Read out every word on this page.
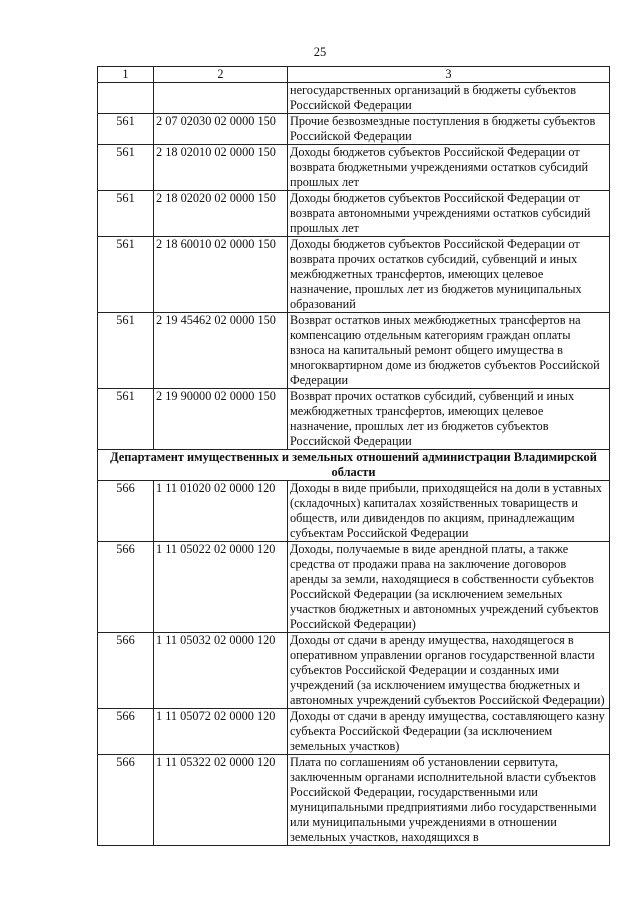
25
1	2	3
		негосударственных организаций в бюджеты субъектов Российской Федерации
561	2 07 02030 02 0000 150	Прочие безвозмездные поступления в бюджеты субъектов Российской Федерации
561	2 18 02010 02 0000 150	Доходы бюджетов субъектов Российской Федерации от возврата бюджетными учреждениями остатков субсидий прошлых лет
561	2 18 02020 02 0000 150	Доходы бюджетов субъектов Российской Федерации от возврата автономными учреждениями остатков субсидий прошлых лет
561	2 18 60010 02 0000 150	Доходы бюджетов субъектов Российской Федерации от возврата прочих остатков субсидий, субвенций и иных межбюджетных трансфертов, имеющих целевое назначение, прошлых лет из бюджетов муниципальных образований
561	2 19 45462 02 0000 150	Возврат остатков иных межбюджетных трансфертов на компенсацию отдельным категориям граждан оплаты взноса на капитальный ремонт общего имущества в многоквартирном доме из бюджетов субъектов Российской Федерации
561	2 19 90000 02 0000 150	Возврат прочих остатков субсидий, субвенций и иных межбюджетных трансфертов, имеющих целевое назначение, прошлых лет из бюджетов субъектов Российской Федерации
Департамент имущественных и земельных отношений администрации Владимирской области		
566	1 11 01020 02 0000 120	Доходы в виде прибыли, приходящейся на доли в уставных (складочных) капиталах хозяйственных товариществ и обществ, или дивидендов по акциям, принадлежащим субъектам Российской Федерации
566	1 11 05022 02 0000 120	Доходы, получаемые в виде арендной платы, а также средства от продажи права на заключение договоров аренды за земли, находящиеся в собственности субъектов Российской Федерации (за исключением земельных участков бюджетных и автономных учреждений субъектов Российской Федерации)
566	1 11 05032 02 0000 120	Доходы от сдачи в аренду имущества, находящегося в оперативном управлении органов государственной власти субъектов Российской Федерации и созданных ими учреждений (за исключением имущества бюджетных и автономных учреждений субъектов Российской Федерации)
566	1 11 05072 02 0000 120	Доходы от сдачи в аренду имущества, составляющего казну субъекта Российской Федерации (за исключением земельных участков)
566	1 11 05322 02 0000 120	Плата по соглашениям об установлении сервитута, заключенным органами исполнительной власти субъектов Российской Федерации, государственными или муниципальными предприятиями либо государственными или муниципальными учреждениями в отношении земельных участков, находящихся в
